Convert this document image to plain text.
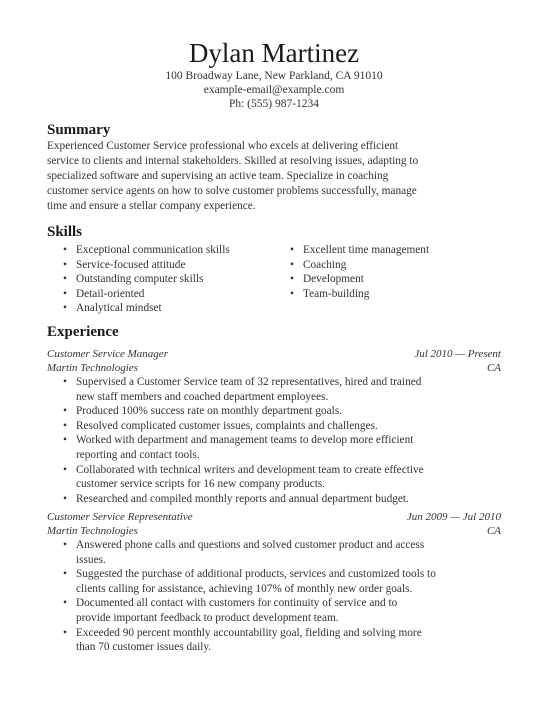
Dylan Martinez
100 Broadway Lane, New Parkland, CA 91010
example-email@example.com
Ph: (555) 987-1234
Summary
Experienced Customer Service professional who excels at delivering efficient
service to clients and internal stakeholders. Skilled at resolving issues, adapting to
specialized software and supervising an active team. Specialize in coaching
customer service agents on how to solve customer problems successfully, manage
time and ensure a stellar company experience.
Skills
• Exceptional communication skills
• Service-focused attitude
• Outstanding computer skills
• Detail-oriented
• Analytical mindset
• Excellent time management
• Coaching
• Development
• Team-building
Experience
Customer Service Manager	Jul 2010 — Present
Martin Technologies	CA
• Supervised a Customer Service team of 32 representatives, hired and trained
new staff members and coached department employees.
• Produced 100% success rate on monthly department goals.
• Resolved complicated customer issues, complaints and challenges.
• Worked with department and management teams to develop more efficient
reporting and contact tools.
• Collaborated with technical writers and development team to create effective
customer service scripts for 16 new company products.
• Researched and compiled monthly reports and annual department budget.
Customer Service Representative	Jun 2009 — Jul 2010
Martin Technologies	CA
• Answered phone calls and questions and solved customer product and access
issues.
• Suggested the purchase of additional products, services and customized tools to
clients calling for assistance, achieving 107% of monthly new order goals.
• Documented all contact with customers for continuity of service and to
provide important feedback to product development team.
• Exceeded 90 percent monthly accountability goal, fielding and solving more
than 70 customer issues daily.
